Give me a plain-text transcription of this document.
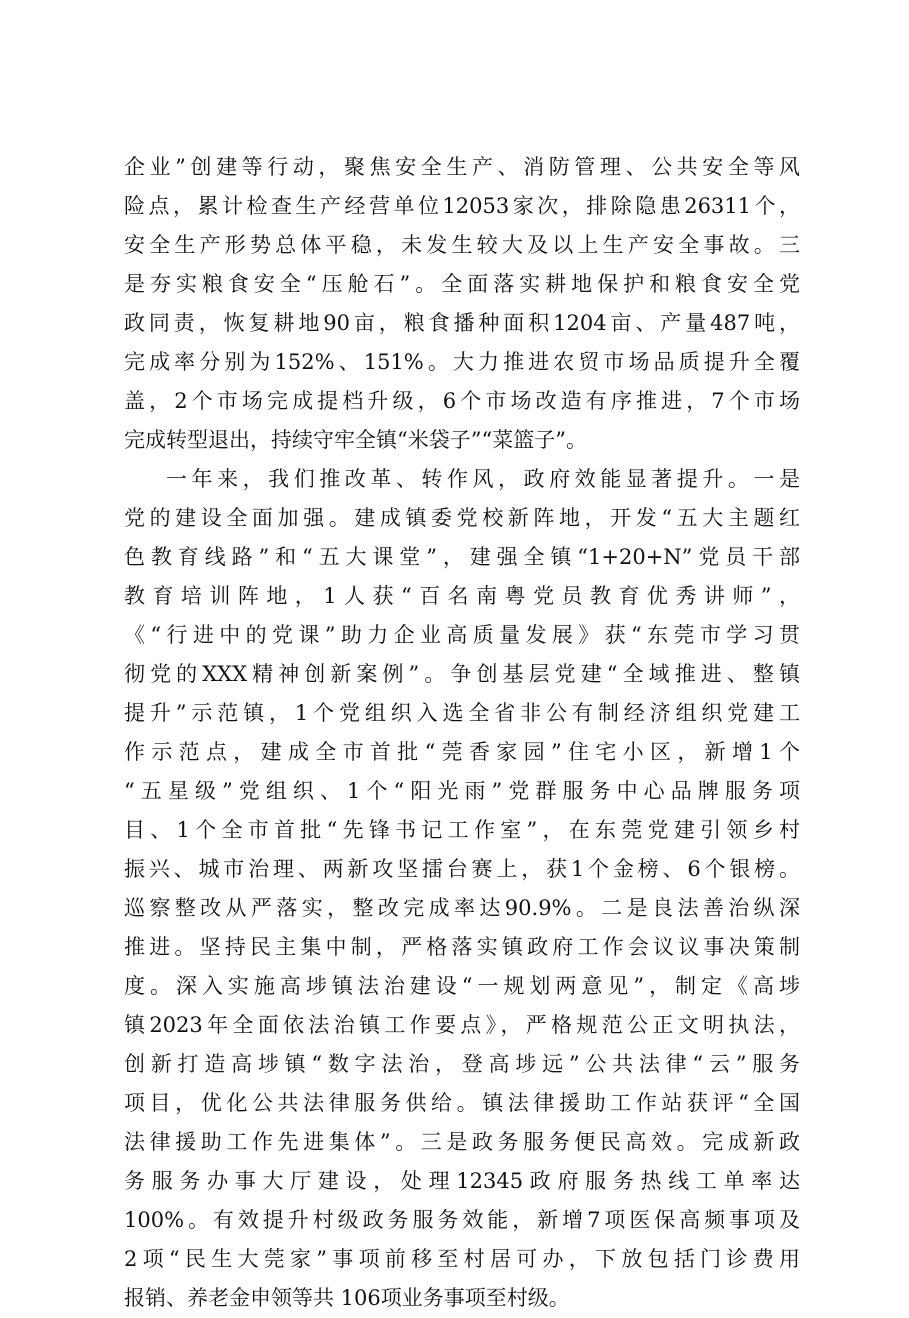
企业”创建等行动，聚焦安全生产、消防管理、公共安全等风
险点，累计检查生产经营单位12053家次，排除隐患26311个，
安全生产形势总体平稳，未发生较大及以上生产安全事故。三
是夯实粮食安全“压舱石”。全面落实耕地保护和粮食安全党
政同责，恢复耕地90亩，粮食播种面积1204亩、产量487吨，
完成率分别为152%、151%。大力推进农贸市场品质提升全覆
盖，2个市场完成提档升级，6个市场改造有序推进，7个市场
完成转型退出，持续守牢全镇“米袋子”“菜篮子”。
一年来，我们推改革、转作风，政府效能显著提升。一是
党的建设全面加强。建成镇委党校新阵地，开发“五大主题红
色教育线路”和“五大课堂”，建强全镇“1+20+N”党员干部
教育培训阵地，1人获“百名南粤党员教育优秀讲师”，
《“行进中的党课”助力企业高质量发展》获“东莞市学习贯
彻党的XXX精神创新案例”。争创基层党建“全域推进、整镇
提升”示范镇，1个党组织入选全省非公有制经济组织党建工
作示范点，建成全市首批“莞香家园”住宅小区，新增1个
“五星级”党组织、1个“阳光雨”党群服务中心品牌服务项
目、1个全市首批“先锋书记工作室”，在东莞党建引领乡村
振兴、城市治理、两新攻坚擂台赛上，获1个金榜、6个银榜。
巡察整改从严落实，整改完成率达90.9%。二是良法善治纵深
推进。坚持民主集中制，严格落实镇政府工作会议议事决策制
度。深入实施高埗镇法治建设“一规划两意见”，制定《高埗
镇2023年全面依法治镇工作要点》，严格规范公正文明执法，
创新打造高埗镇“数字法治，登高埗远”公共法律“云”服务
项目，优化公共法律服务供给。镇法律援助工作站获评“全国
法律援助工作先进集体”。三是政务服务便民高效。完成新政
务服务办事大厅建设，处理12345政府服务热线工单率达
100%。有效提升村级政务服务效能，新增7项医保高频事项及
2项“民生大莞家”事项前移至村居可办，下放包括门诊费用
报销、养老金申领等共 106项业务事项至村级。
